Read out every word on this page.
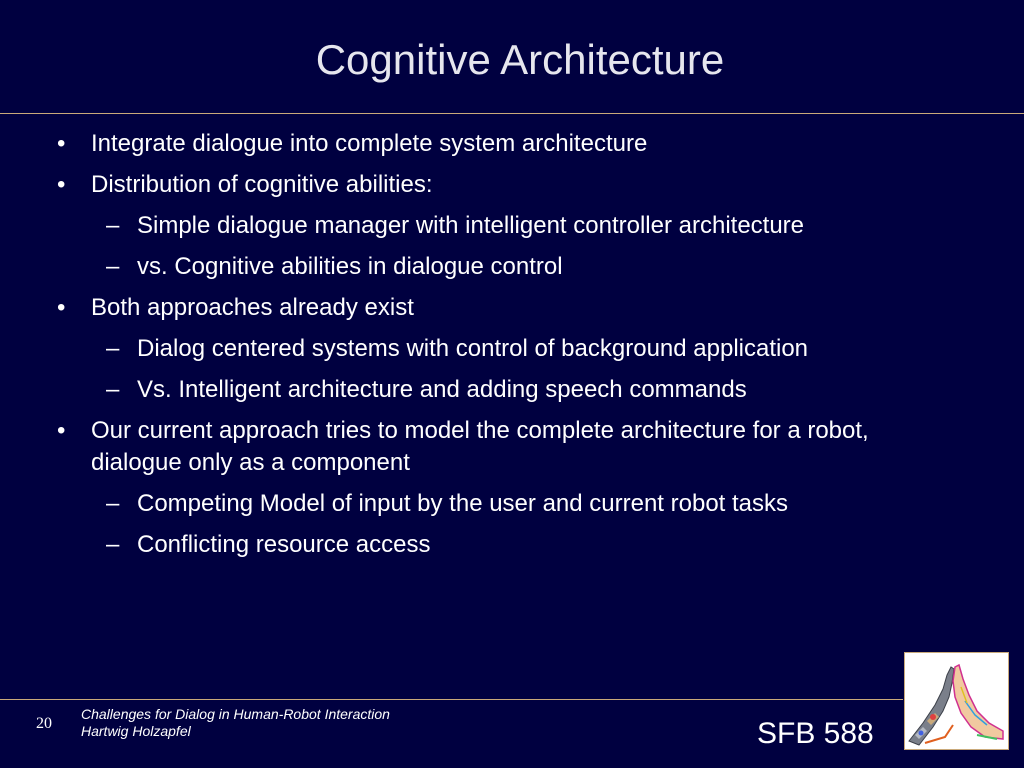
Cognitive Architecture
• Integrate dialogue into complete system architecture
• Distribution of cognitive abilities:
– Simple dialogue manager with intelligent controller architecture
– vs. Cognitive abilities in dialogue control
• Both approaches already exist
– Dialog centered systems with control of background application
– Vs. Intelligent architecture and adding speech commands
• Our current approach tries to model the complete architecture for a robot, dialogue only as a component
– Competing Model of input by the user and current robot tasks
– Conflicting resource access
20
Challenges for Dialog in Human-Robot Interaction
Hartwig Holzapfel	SFB 588
